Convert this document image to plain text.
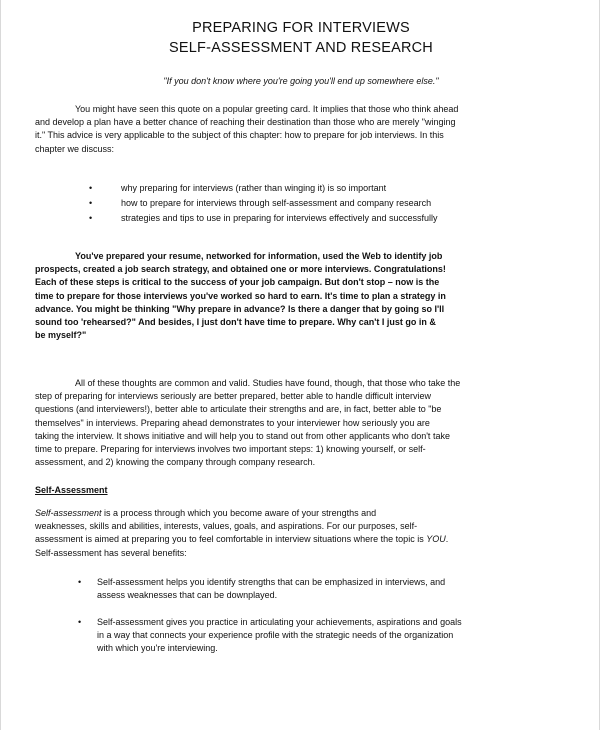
PREPARING FOR INTERVIEWS
SELF-ASSESSMENT AND RESEARCH
"If you don't know where you're going you'll end up somewhere else."
You might have seen this quote on a popular greeting card. It implies that those who think ahead
and develop a plan have a better chance of reaching their destination than those who are merely "winging
it." This advice is very applicable to the subject of this chapter: how to prepare for job interviews. In this
chapter we discuss:
•	why preparing for interviews (rather than winging it) is so important
•	how to prepare for interviews through self-assessment and company research
•	strategies and tips to use in preparing for interviews effectively and successfully
You've prepared your resume, networked for information, used the Web to identify job
prospects, created a job search strategy, and obtained one or more interviews. Congratulations!
Each of these steps is critical to the success of your job campaign. But don't stop – now is the
time to prepare for those interviews you've worked so hard to earn. It's time to plan a strategy in
advance. You might be thinking "Why prepare in advance? Is there a danger that by going so I'll
sound too 'rehearsed?" And besides, I just don't have time to prepare. Why can't I just go in &
be myself?"
All of these thoughts are common and valid. Studies have found, though, that those who take the
step of preparing for interviews seriously are better prepared, better able to handle difficult interview
questions (and interviewers!), better able to articulate their strengths and are, in fact, better able to "be
themselves" in interviews. Preparing ahead demonstrates to your interviewer how seriously you are
taking the interview. It shows initiative and will help you to stand out from other applicants who don't take
time to prepare. Preparing for interviews involves two important steps: 1) knowing yourself, or self-
assessment, and 2) knowing the company through company research.
Self-Assessment
Self-assessment is a process through which you become aware of your strengths and
weaknesses, skills and abilities, interests, values, goals, and aspirations. For our purposes, self-
assessment is aimed at preparing you to feel comfortable in interview situations where the topic is YOU.
Self-assessment has several benefits:
• Self-assessment helps you identify strengths that can be emphasized in interviews, and
assess weaknesses that can be downplayed.
• Self-assessment gives you practice in articulating your achievements, aspirations and goals
in a way that connects your experience profile with the strategic needs of the organization
with which you're interviewing.
